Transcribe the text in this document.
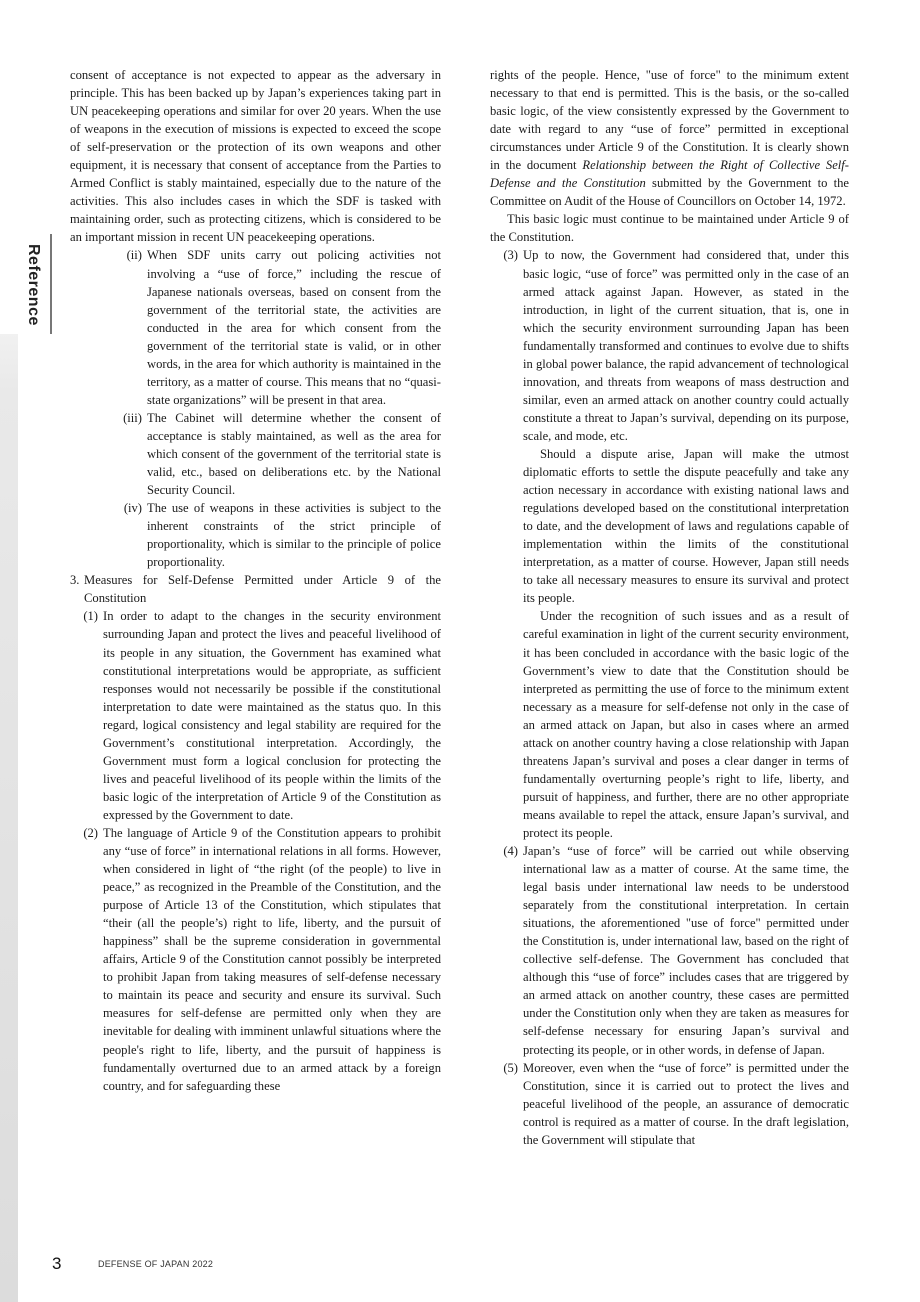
Reference

consent of acceptance is not expected to appear as the adversary in principle. This has been backed up by Japan’s experiences taking part in UN peacekeeping operations and similar for over 20 years. When the use of weapons in the execution of missions is expected to exceed the scope of self-preservation or the protection of its own weapons and other equipment, it is necessary that consent of acceptance from the Parties to Armed Conflict is stably maintained, especially due to the nature of the activities. This also includes cases in which the SDF is tasked with maintaining order, such as protecting citizens, which is considered to be an important mission in recent UN peacekeeping operations.

(ii) When SDF units carry out policing activities not involving a “use of force,” including the rescue of Japanese nationals overseas, based on consent from the government of the territorial state, the activities are conducted in the area for which consent from the government of the territorial state is valid, or in other words, in the area for which authority is maintained in the territory, as a matter of course. This means that no “quasi-state organizations” will be present in that area.
(iii) The Cabinet will determine whether the consent of acceptance is stably maintained, as well as the area for which consent of the government of the territorial state is valid, etc., based on deliberations etc. by the National Security Council.
(iv) The use of weapons in these activities is subject to the inherent constraints of the strict principle of proportionality, which is similar to the principle of police proportionality.
3. Measures for Self-Defense Permitted under Article 9 of the Constitution
(1) In order to adapt to the changes in the security environment surrounding Japan and protect the lives and peaceful livelihood of its people in any situation, the Government has examined what constitutional interpretations would be appropriate, as sufficient responses would not necessarily be possible if the constitutional interpretation to date were maintained as the status quo. In this regard, logical consistency and legal stability are required for the Government’s constitutional interpretation. Accordingly, the Government must form a logical conclusion for protecting the lives and peaceful livelihood of its people within the limits of the basic logic of the interpretation of Article 9 of the Constitution as expressed by the Government to date.
(2) The language of Article 9 of the Constitution appears to prohibit any “use of force” in international relations in all forms. However, when considered in light of “the right (of the people) to live in peace,” as recognized in the Preamble of the Constitution, and the purpose of Article 13 of the Constitution, which stipulates that “their (all the people’s) right to life, liberty, and the pursuit of happiness” shall be the supreme consideration in governmental affairs, Article 9 of the Constitution cannot possibly be interpreted to prohibit Japan from taking measures of self-defense necessary to maintain its peace and security and ensure its survival. Such measures for self-defense are permitted only when they are inevitable for dealing with imminent unlawful situations where the people's right to life, liberty, and the pursuit of happiness is fundamentally overturned due to an armed attack by a foreign country, and for safeguarding these

rights of the people. Hence, "use of force" to the minimum extent necessary to that end is permitted. This is the basis, or the so-called basic logic, of the view consistently expressed by the Government to date with regard to any “use of force” permitted in exceptional circumstances under Article 9 of the Constitution. It is clearly shown in the document Relationship between the Right of Collective Self-Defense and the Constitution submitted by the Government to the Committee on Audit of the House of Councillors on October 14, 1972.

This basic logic must continue to be maintained under Article 9 of the Constitution.

(3) Up to now, the Government had considered that, under this basic logic, “use of force” was permitted only in the case of an armed attack against Japan. However, as stated in the introduction, in light of the current situation, that is, one in which the security environment surrounding Japan has been fundamentally transformed and continues to evolve due to shifts in global power balance, the rapid advancement of technological innovation, and threats from weapons of mass destruction and similar, even an armed attack on another country could actually constitute a threat to Japan’s survival, depending on its purpose, scale, and mode, etc.

Should a dispute arise, Japan will make the utmost diplomatic efforts to settle the dispute peacefully and take any action necessary in accordance with existing national laws and regulations developed based on the constitutional interpretation to date, and the development of laws and regulations capable of implementation within the limits of the constitutional interpretation, as a matter of course. However, Japan still needs to take all necessary measures to ensure its survival and protect its people.

Under the recognition of such issues and as a result of careful examination in light of the current security environment, it has been concluded in accordance with the basic logic of the Government’s view to date that the Constitution should be interpreted as permitting the use of force to the minimum extent necessary as a measure for self-defense not only in the case of an armed attack on Japan, but also in cases where an armed attack on another country having a close relationship with Japan threatens Japan’s survival and poses a clear danger in terms of fundamentally overturning people’s right to life, liberty, and pursuit of happiness, and further, there are no other appropriate means available to repel the attack, ensure Japan’s survival, and protect its people.

(4) Japan’s “use of force” will be carried out while observing international law as a matter of course. At the same time, the legal basis under international law needs to be understood separately from the constitutional interpretation. In certain situations, the aforementioned "use of force" permitted under the Constitution is, under international law, based on the right of collective self-defense. The Government has concluded that although this “use of force” includes cases that are triggered by an armed attack on another country, these cases are permitted under the Constitution only when they are taken as measures for self-defense necessary for ensuring Japan’s survival and protecting its people, or in other words, in defense of Japan.

(5) Moreover, even when the “use of force” is permitted under the Constitution, since it is carried out to protect the lives and peaceful livelihood of the people, an assurance of democratic control is required as a matter of course. In the draft legislation, the Government will stipulate that

3	DEFENSE OF JAPAN 2022
